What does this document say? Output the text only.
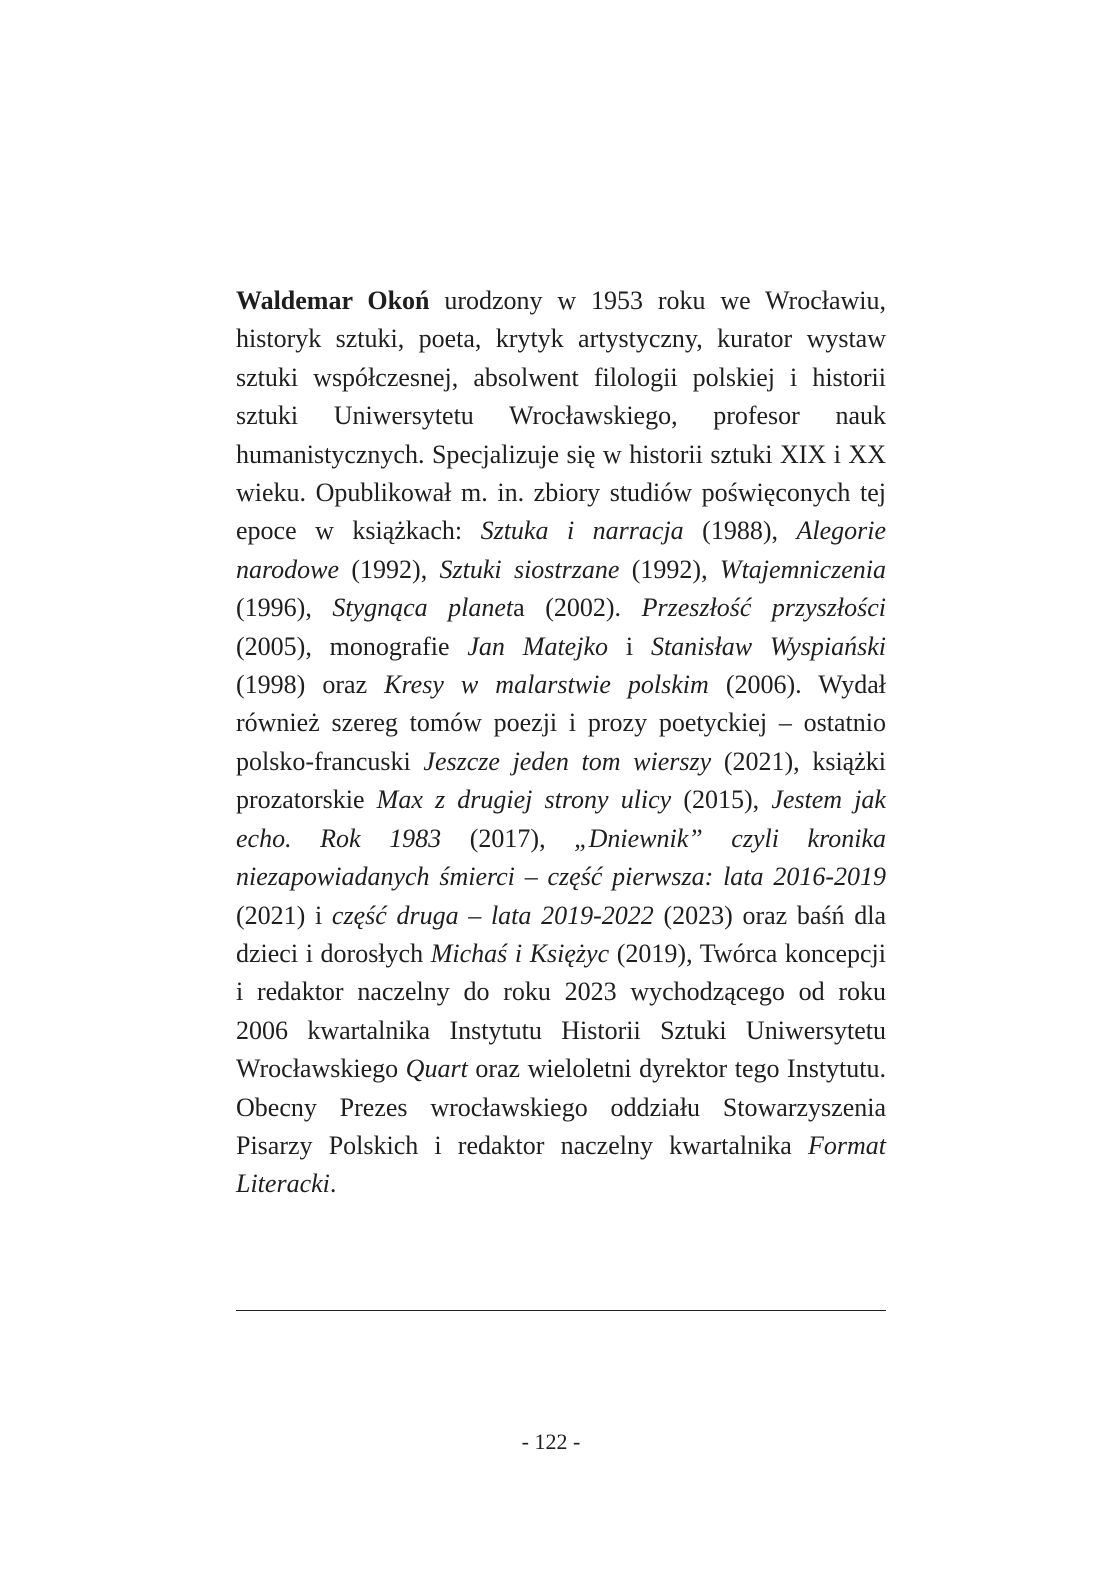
Waldemar Okoń urodzony w 1953 roku we Wrocławiu, historyk sztuki, poeta, krytyk artystyczny, kurator wystaw sztuki współczesnej, absolwent filologii polskiej i historii sztuki Uniwersytetu Wrocławskiego, profesor nauk humanistycznych. Specjalizuje się w historii sztuki XIX i XX wieku. Opublikował m. in. zbiory studiów poświęconych tej epoce w książkach: Sztuka i narracja (1988), Alegorie narodowe (1992), Sztuki siostrzane (1992), Wtajemniczenia (1996), Stygnąca planeta (2002). Przeszłość przyszłości (2005), monografie Jan Matejko i Stanisław Wyspiański (1998) oraz Kresy w malarstwie polskim (2006). Wydał również szereg tomów poezji i prozy poetyckiej – ostatnio polsko-francuski Jeszcze jeden tom wierszy (2021), książki prozatorskie Max z drugiej strony ulicy (2015), Jestem jak echo. Rok 1983 (2017), „Dniewnik” czyli kronika niezapowiadanych śmierci – część pierwsza: lata 2016-2019 (2021) i część druga – lata 2019-2022 (2023) oraz baśń dla dzieci i dorosłych Michaś i Księżyc (2019), Twórca koncepcji i redaktor naczelny do roku 2023 wychodzącego od roku 2006 kwartalnika Instytutu Historii Sztuki Uniwersytetu Wrocławskiego Quart oraz wieloletni dyrektor tego Instytutu. Obecny Prezes wrocławskiego oddziału Stowarzyszenia Pisarzy Polskich i redaktor naczelny kwartalnika Format Literacki.

- 122 -
